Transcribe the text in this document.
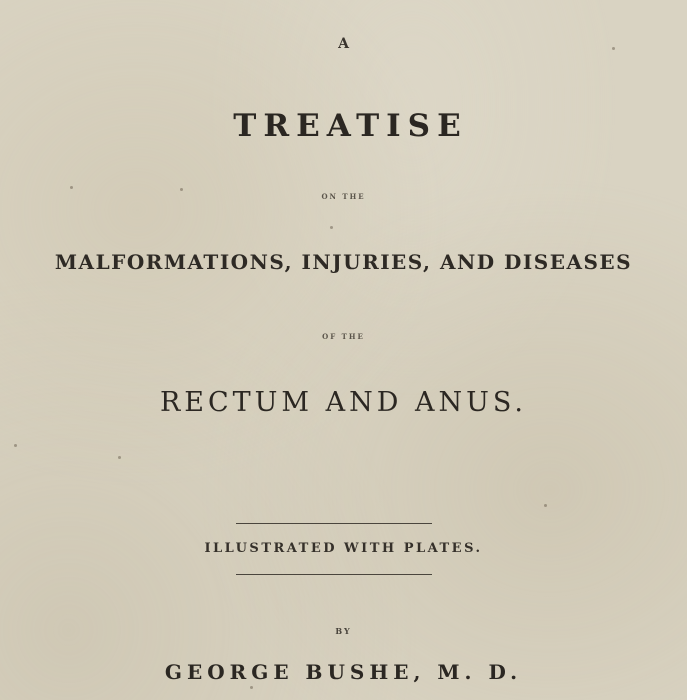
A
TREATISE
ON THE
MALFORMATIONS, INJURIES, AND DISEASES
OF THE
RECTUM AND ANUS.
ILLUSTRATED WITH PLATES.
BY
GEORGE BUSHE, M. D.
